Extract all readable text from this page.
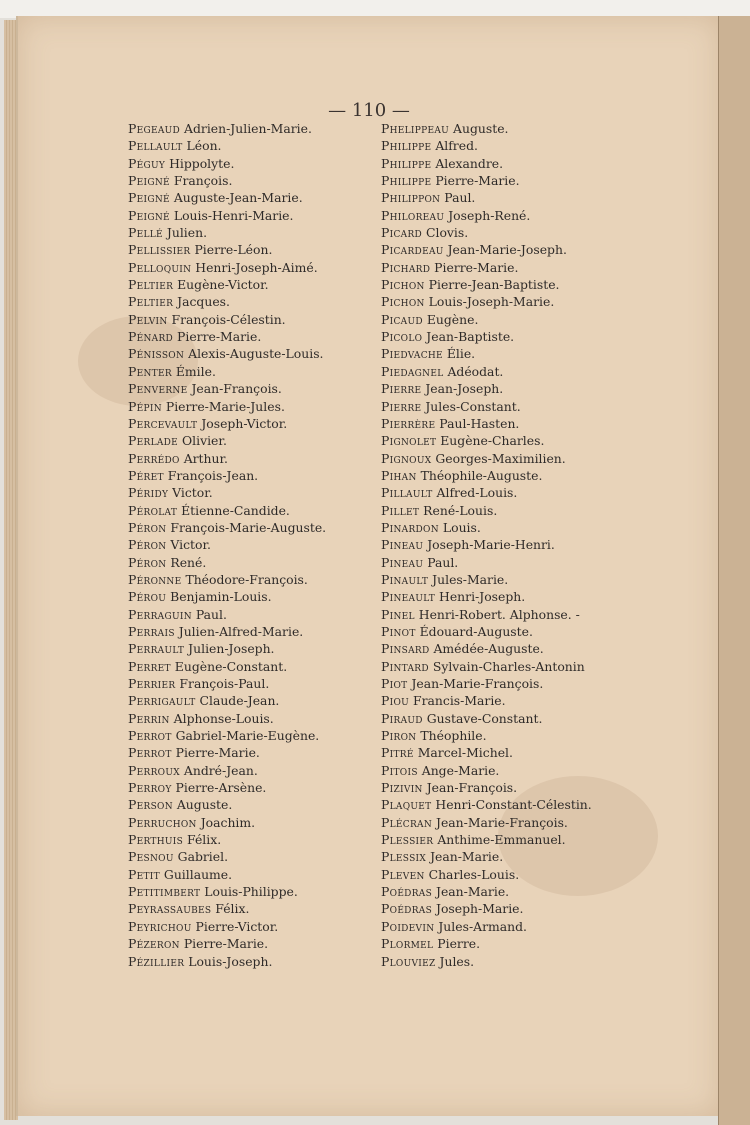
— 110 —
Pegeaud Adrien-Julien-Marie.
Pellault Léon.
Péguy Hippolyte.
Peigné François.
Peigné Auguste-Jean-Marie.
Peigné Louis-Henri-Marie.
Pellé Julien.
Pellissier Pierre-Léon.
Pelloquin Henri-Joseph-Aimé.
Peltier Eugène-Victor.
Peltier Jacques.
Pelvin François-Célestin.
Pénard Pierre-Marie.
Pénisson Alexis-Auguste-Louis.
Penter Émile.
Penverne Jean-François.
Pépin Pierre-Marie-Jules.
Percevault Joseph-Victor.
Perlade Olivier.
Perrédo Arthur.
Péret François-Jean.
Péridy Victor.
Pérolat Étienne-Candide.
Péron François-Marie-Auguste.
Péron Victor.
Péron René.
Péronne Théodore-François.
Pérou Benjamin-Louis.
Perraguin Paul.
Perrais Julien-Alfred-Marie.
Perrault Julien-Joseph.
Perret Eugène-Constant.
Perrier François-Paul.
Perrigault Claude-Jean.
Perrin Alphonse-Louis.
Perrot Gabriel-Marie-Eugène.
Perrot Pierre-Marie.
Perroux André-Jean.
Perroy Pierre-Arsène.
Person Auguste.
Perruchon Joachim.
Perthuis Félix.
Pesnou Gabriel.
Petit Guillaume.
Petitimbert Louis-Philippe.
Peyrassaubes Félix.
Peyrichou Pierre-Victor.
Pézeron Pierre-Marie.
Pézillier Louis-Joseph.
Phelippeau Auguste.
Philippe Alfred.
Philippe Alexandre.
Philippe Pierre-Marie.
Philippon Paul.
Philoreau Joseph-René.
Picard Clovis.
Picardeau Jean-Marie-Joseph.
Pichard Pierre-Marie.
Pichon Pierre-Jean-Baptiste.
Pichon Louis-Joseph-Marie.
Picaud Eugène.
Picolo Jean-Baptiste.
Piedvache Élie.
Piedagnel Adéodat.
Pierre Jean-Joseph.
Pierre Jules-Constant.
Pierrère Paul-Hasten.
Pignolet Eugène-Charles.
Pignoux Georges-Maximilien.
Pihan Théophile-Auguste.
Pillault Alfred-Louis.
Pillet René-Louis.
Pinardon Louis.
Pineau Joseph-Marie-Henri.
Pineau Paul.
Pinault Jules-Marie.
Pineault Henri-Joseph.
Pinel Henri-Robert. Alphonse. -
Pinot Édouard-Auguste.
Pinsard Amédée-Auguste.
Pintard Sylvain-Charles-Antonin
Piot Jean-Marie-François.
Piou Francis-Marie.
Piraud Gustave-Constant.
Piron Théophile.
Pitré Marcel-Michel.
Pitois Ange-Marie.
Pizivin Jean-François.
Plaquet Henri-Constant-Célestin.
Plécran Jean-Marie-François.
Plessier Anthime-Emmanuel.
Plessix Jean-Marie.
Pleven Charles-Louis.
Poédras Jean-Marie.
Poédras Joseph-Marie.
Poidevin Jules-Armand.
Plormel Pierre.
Plouviez Jules.
